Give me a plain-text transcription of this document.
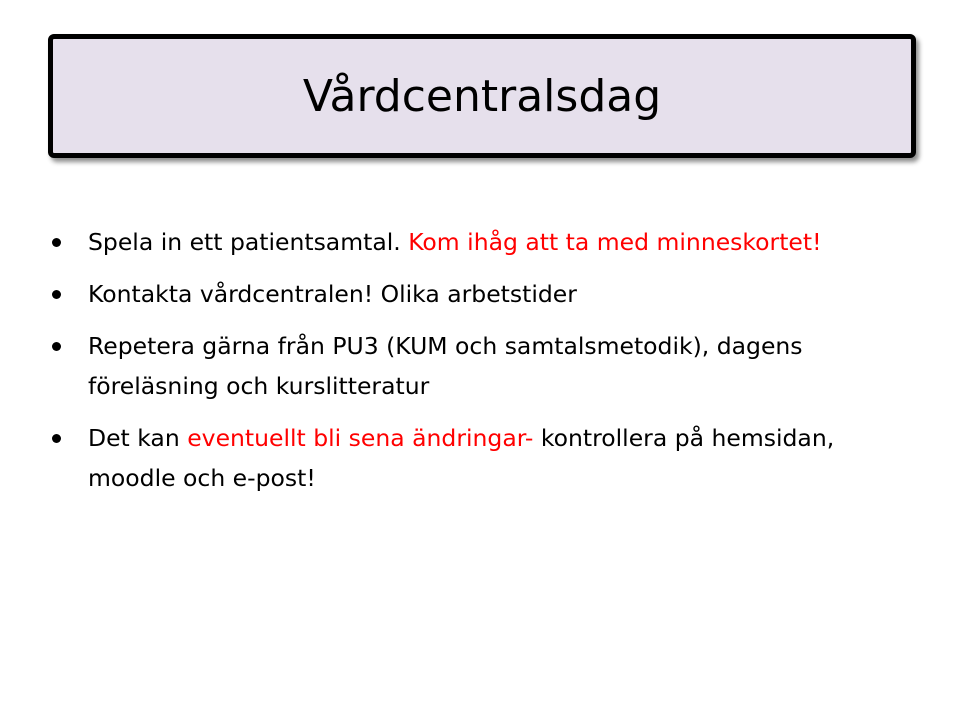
Vårdcentralsdag
Spela in ett patientsamtal. Kom ihåg att ta med minneskortet!
Kontakta vårdcentralen! Olika arbetstider
Repetera gärna från PU3 (KUM och samtalsmetodik), dagens föreläsning och kurslitteratur
Det kan eventuellt bli sena ändringar- kontrollera på hemsidan, moodle och e-post!
